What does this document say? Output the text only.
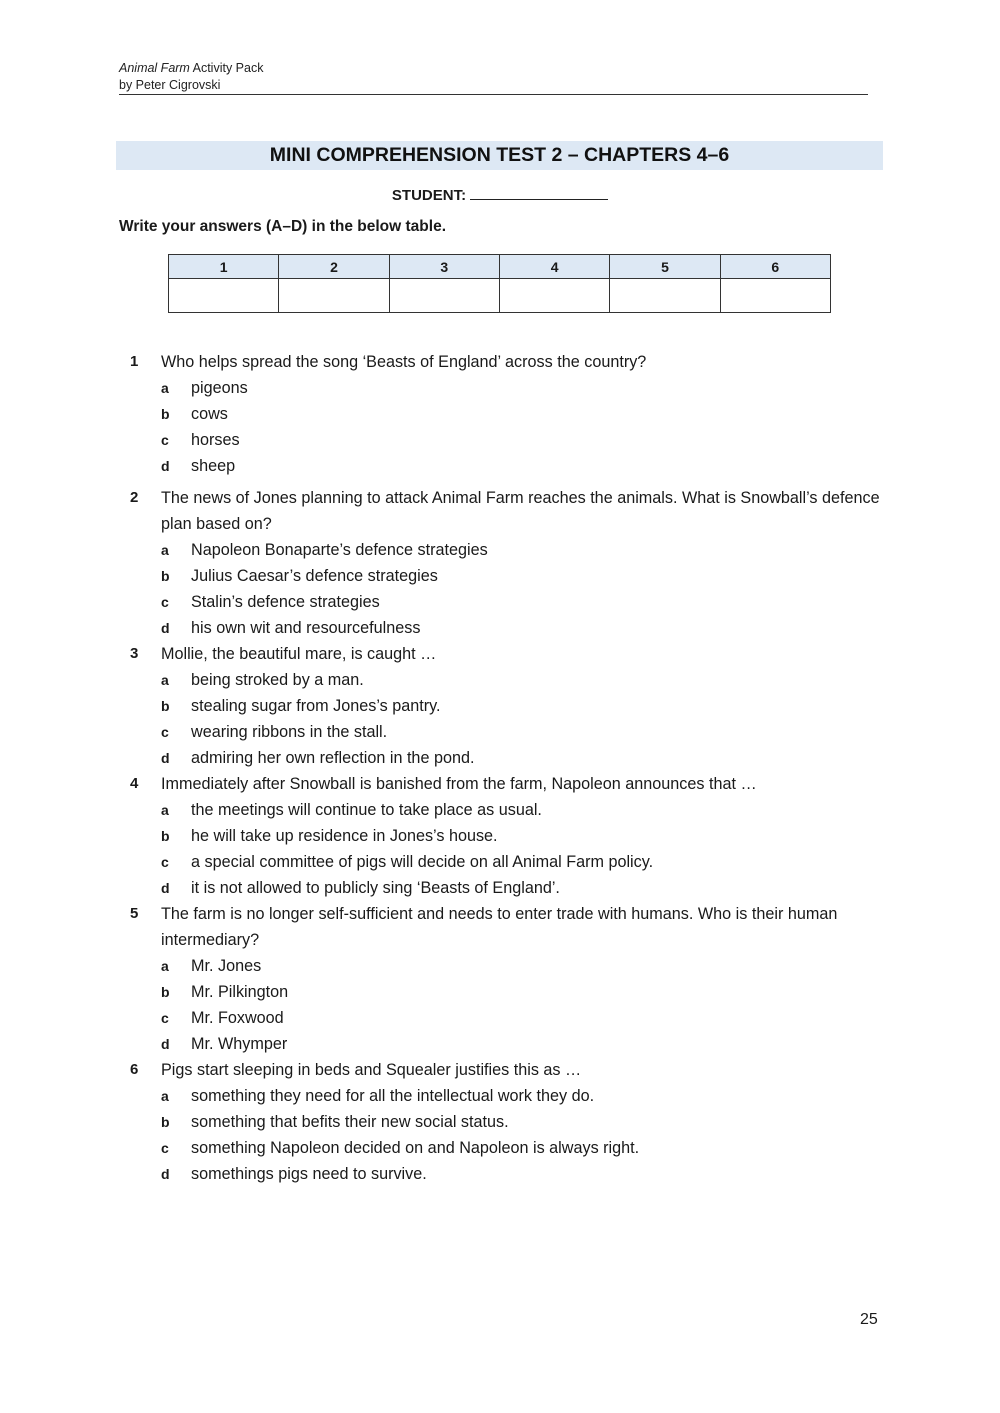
Animal Farm Activity Pack
by Peter Cigrovski
MINI COMPREHENSION TEST 2 – CHAPTERS 4–6
STUDENT:
Write your answers (A–D) in the below table.
1	2	3	4	5	6

1	Who helps spread the song ‘Beasts of England’ across the country?
a	pigeons
b	cows
c	horses
d	sheep
2	The news of Jones planning to attack Animal Farm reaches the animals. What is Snowball’s defence plan based on?
a	Napoleon Bonaparte’s defence strategies
b	Julius Caesar’s defence strategies
c	Stalin’s defence strategies
d	his own wit and resourcefulness
3	Mollie, the beautiful mare, is caught …
a	being stroked by a man.
b	stealing sugar from Jones’s pantry.
c	wearing ribbons in the stall.
d	admiring her own reflection in the pond.
4	Immediately after Snowball is banished from the farm, Napoleon announces that …
a	the meetings will continue to take place as usual.
b	he will take up residence in Jones’s house.
c	a special committee of pigs will decide on all Animal Farm policy.
d	it is not allowed to publicly sing ‘Beasts of England’.
5	The farm is no longer self-sufficient and needs to enter trade with humans. Who is their human intermediary?
a	Mr. Jones
b	Mr. Pilkington
c	Mr. Foxwood
d	Mr. Whymper
6	Pigs start sleeping in beds and Squealer justifies this as …
a	something they need for all the intellectual work they do.
b	something that befits their new social status.
c	something Napoleon decided on and Napoleon is always right.
d	somethings pigs need to survive.
25
